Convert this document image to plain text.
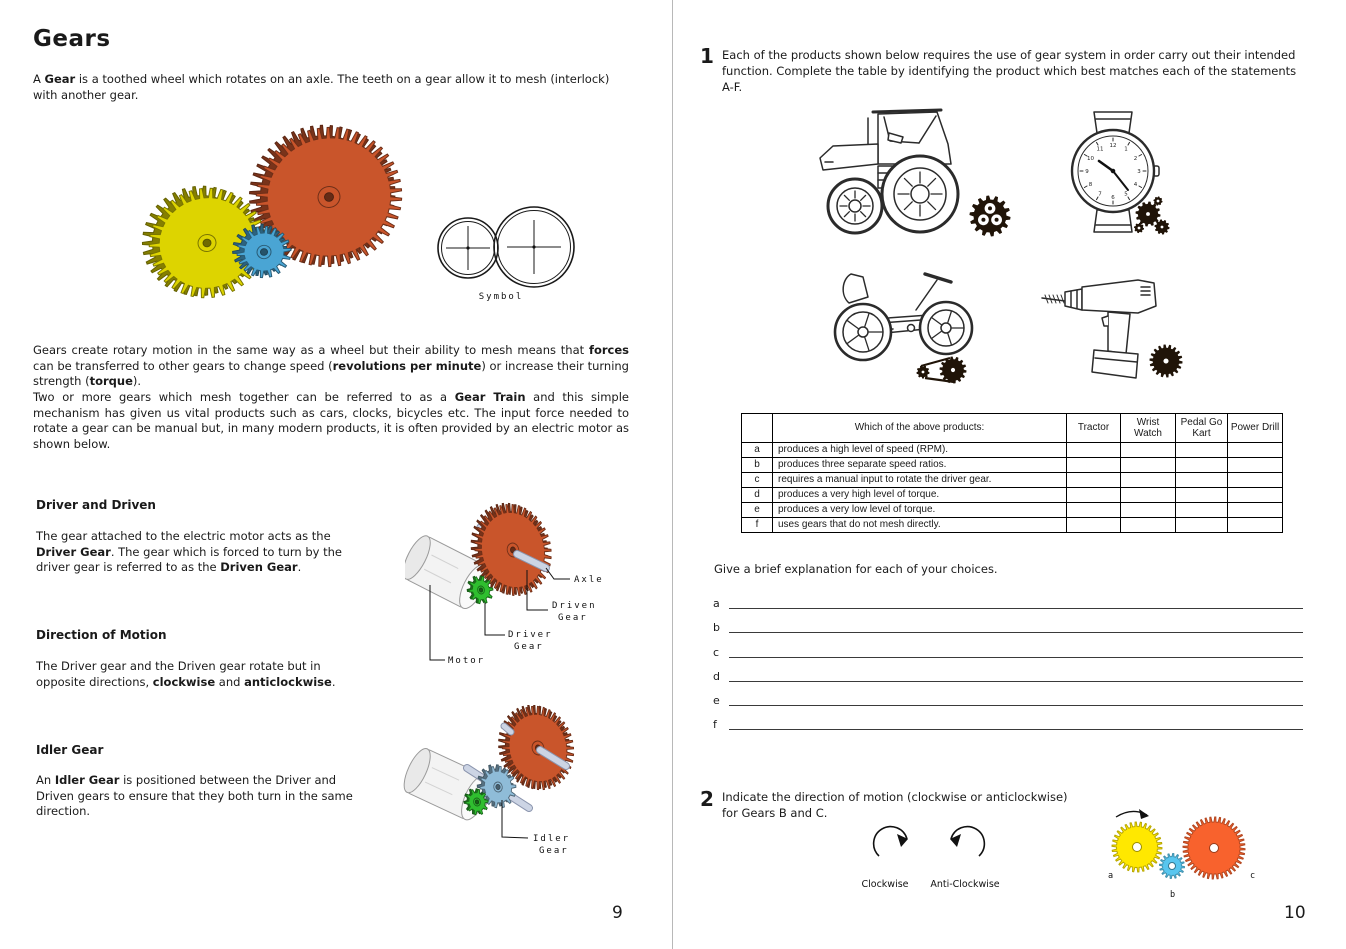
Gears

A Gear is a toothed wheel which rotates on an axle. The teeth on a gear allow it to mesh (interlock) with another gear.

Symbol

Gears create rotary motion in the same way as a wheel but their ability to mesh means that forces can be transferred to other gears to change speed (revolutions per minute) or increase their turning strength (torque).

Two or more gears which mesh together can be referred to as a Gear Train and this simple mechanism has given us vital products such as cars, clocks, bicycles etc. The input force needed to rotate a gear can be manual but, in many modern products, it is often provided by an electric motor as shown below.

Driver and Driven

The gear attached to the electric motor acts as the Driver Gear. The gear which is forced to turn by the driver gear is referred to as the Driven Gear.

Axle
Driven Gear
Driver Gear
Motor
Direction of Motion

The Driver gear and the Driven gear rotate but in opposite directions, clockwise and anticlockwise.

Idler Gear

An Idler Gear is positioned between the Driver and Driven gears to ensure that they both turn in the same direction.

Idler Gear
9
1 Each of the products shown below requires the use of gear system in order carry out their intended function. Complete the table by identifying the product which best matches each of the statements A-F.

12
1
2
3
4
5
6
7
8
9
10
11
	Which of the above products:	Tractor	Wrist Watch	Pedal Go Kart	Power Drill
a	produces a high level of speed (RPM).				
b	produces three separate speed ratios.				
c	requires a manual input to rotate the driver gear.				
d	produces a very high level of torque.				
e	produces a very low level of torque.				
f	uses gears that do not mesh directly.				

Give a brief explanation for each of your choices.

a
b
c
d
e
f
2 Indicate the direction of motion (clockwise or anticlockwise) for Gears B and C.

Clockwise Anti-Clockwise
a
b
c
10
